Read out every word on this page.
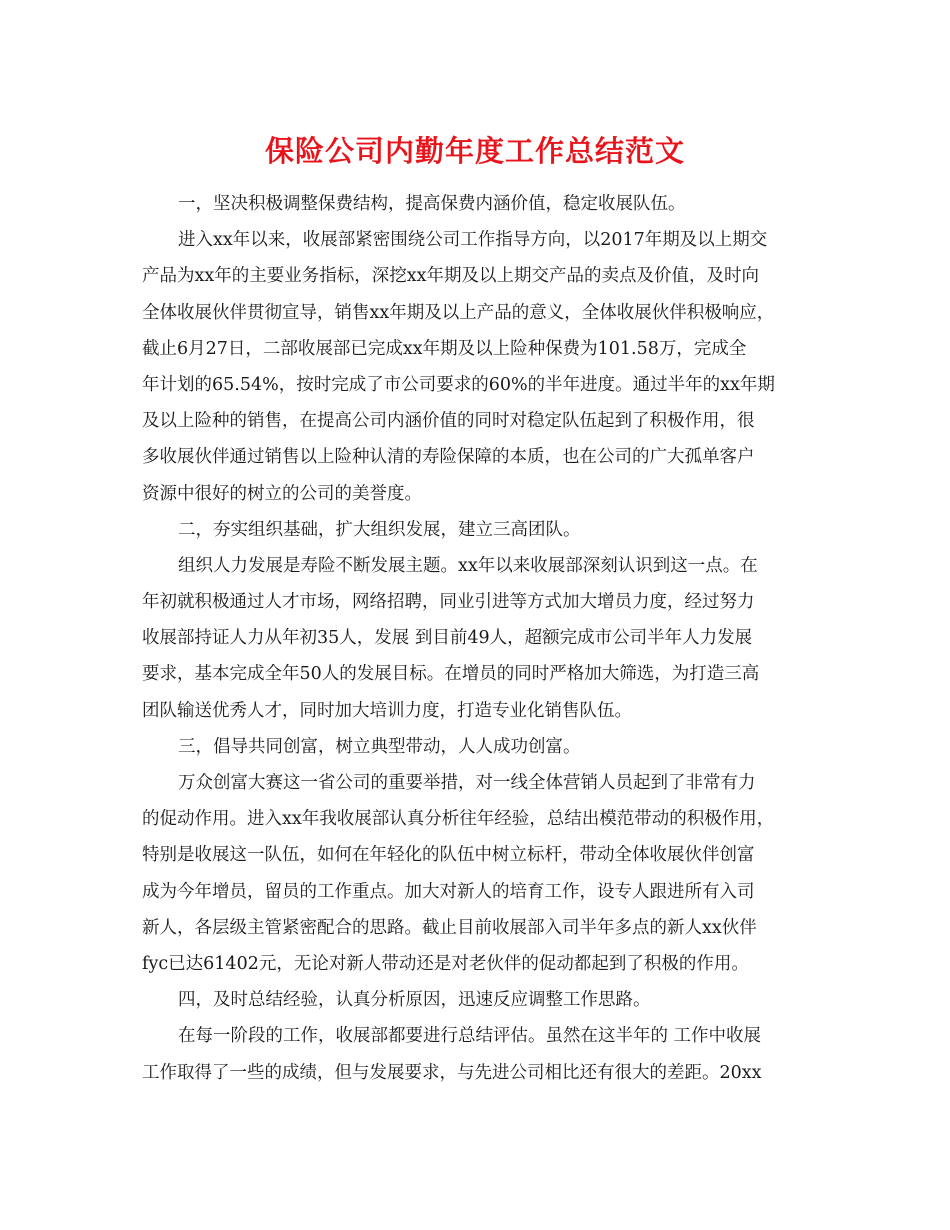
保险公司内勤年度工作总结范文
一，坚决积极调整保费结构，提高保费内涵价值，稳定收展队伍。
进入xx年以来，收展部紧密围绕公司工作指导方向，以2017年期及以上期交
产品为xx年的主要业务指标，深挖xx年期及以上期交产品的卖点及价值，及时向
全体收展伙伴贯彻宣导，销售xx年期及以上产品的意义，全体收展伙伴积极响应，
截止6月27日，二部收展部已完成xx年期及以上险种保费为101.58万，完成全
年计划的65.54%，按时完成了市公司要求的60%的半年进度。通过半年的xx年期
及以上险种的销售，在提高公司内涵价值的同时对稳定队伍起到了积极作用，很
多收展伙伴通过销售以上险种认清的寿险保障的本质，也在公司的广大孤单客户
资源中很好的树立的公司的美誉度。
二，夯实组织基础，扩大组织发展，建立三高团队。
组织人力发展是寿险不断发展主题。xx年以来收展部深刻认识到这一点。在
年初就积极通过人才市场，网络招聘，同业引进等方式加大增员力度，经过努力
收展部持证人力从年初35人，发展 到目前49人，超额完成市公司半年人力发展
要求，基本完成全年50人的发展目标。在增员的同时严格加大筛选，为打造三高
团队输送优秀人才，同时加大培训力度，打造专业化销售队伍。
三，倡导共同创富，树立典型带动，人人成功创富。
万众创富大赛这一省公司的重要举措，对一线全体营销人员起到了非常有力
的促动作用。进入xx年我收展部认真分析往年经验，总结出模范带动的积极作用，
特别是收展这一队伍，如何在年轻化的队伍中树立标杆，带动全体收展伙伴创富
成为今年增员，留员的工作重点。加大对新人的培育工作，设专人跟进所有入司
新人，各层级主管紧密配合的思路。截止目前收展部入司半年多点的新人xx伙伴
fyc已达61402元，无论对新人带动还是对老伙伴的促动都起到了积极的作用。
四，及时总结经验，认真分析原因，迅速反应调整工作思路。
在每一阶段的工作，收展部都要进行总结评估。虽然在这半年的 工作中收展
工作取得了一些的成绩，但与发展要求，与先进公司相比还有很大的差距。20xx
